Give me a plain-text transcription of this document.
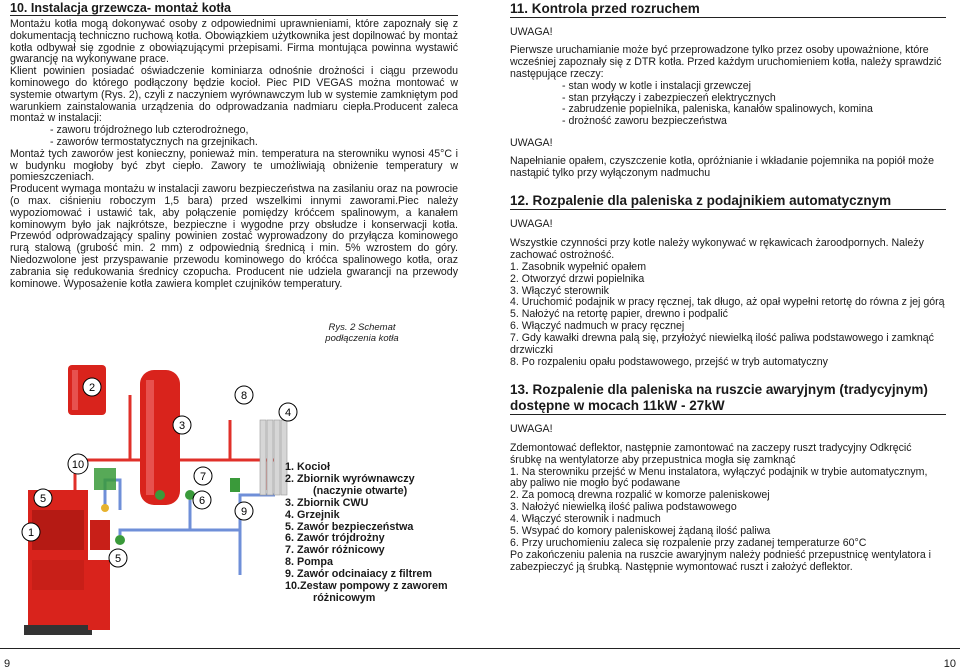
10. Instalacja grzewcza- montaż kotła

Montażu kotła mogą dokonywać osoby z odpowiednimi uprawnieniami, które zapoznały się z dokumentacją techniczno ruchową kotła. Obowiązkiem użytkownika jest dopilnować by montaż kotła odbywał się zgodnie z obowiązującymi przepisami. Firma montująca powinna wystawić gwarancję na wykonywane prace.

Klient powinien posiadać oświadczenie kominiarza odnośnie drożności i ciągu przewodu kominowego do którego podłączony będzie kocioł. Piec PID VEGAS można montować w systemie otwartym (Rys. 2), czyli z naczyniem wyrównawczym lub w systemie zamkniętym pod warunkiem zainstalowania urządzenia do odprowadzania nadmiaru ciepła.Producent zaleca montaż w instalacji:

- zaworu trójdrożnego lub czterodrożnego,

- zaworów termostatycznych na grzejnikach.

Montaż tych zaworów jest konieczny, ponieważ min. temperatura na sterowniku wynosi 45°C i w budynku mogłoby być zbyt ciepło. Zawory te umożliwiają obniżenie temperatury w pomieszczeniach.

Producent wymaga montażu w instalacji zaworu bezpieczeństwa na zasilaniu oraz na powrocie (o max. ciśnieniu roboczym 1,5 bara) przed wszelkimi innymi zaworami.Piec należy wypoziomować i ustawić tak, aby połączenie pomiędzy króćcem spalinowym, a kanałem kominowym było jak najkrótsze, bezpieczne i wygodne przy obsłudze i konserwacji kotła. Przewód odprowadzający spaliny powinien zostać wyprowadzony do przyłącza kominowego rurą stalową (grubość min. 2 mm) z odpowiednią średnicą i min. 5% wzrostem do góry. Niedozwolone jest przyspawanie przewodu kominowego do króćca spalinowego kotła, oraz zabrania się redukowania średnicy czopucha. Producent nie udziela gwarancji na przewody kominowe. Wyposażenie kotła zawiera komplet czujników temperatury.

Rys. 2 Schemat podłączenia kotła
1
2
3
4
5
5
6
7
8
9
10	1. Kocioł
2. Zbiornik wyrównawczy
(naczynie otwarte)
3. Zbiornik CWU
4. Grzejnik
5. Zawór bezpieczeństwa
6. Zawór trójdrożny
7. Zawór różnicowy
8. Pompa
9. Zawór odcinaiacy z filtrem
10.Zestaw pompowy z zaworem
różnicowym
11. Kontrola przed rozruchem

UWAGA!

Pierwsze uruchamianie może być przeprowadzone tylko przez osoby upoważnione, które wcześniej zapoznały się z DTR kotła. Przed każdym uruchomieniem kotła, należy sprawdzić następujące rzeczy:

- stan wody w kotle i instalacji grzewczej

- stan przyłączy i zabezpieczeń elektrycznych

- zabrudzenie popielnika, paleniska, kanałów spalinowych, komina

- drożność zaworu bezpieczeństwa

UWAGA!

Napełnianie opałem, czyszczenie kotła, opróżnianie i wkładanie pojemnika na popiół może nastąpić tylko przy wyłączonym nadmuchu

12. Rozpalenie dla paleniska z podajnikiem automatycznym

UWAGA!

Wszystkie czynności przy kotle należy wykonywać w rękawicach żaroodpornych. Należy zachować ostrożność.

1. Zasobnik wypełnić opałem

2. Otworzyć drzwi popielnika

3. Włączyć sterownik

4. Uruchomić podajnik w pracy ręcznej, tak długo, aż opał wypełni retortę do równa z jej górą

5. Nałożyć na retortę papier, drewno i podpalić

6. Włączyć nadmuch w pracy ręcznej

7. Gdy kawałki drewna palą się, przyłożyć niewielką ilość paliwa podstawowego i zamknąć drzwiczki

8. Po rozpaleniu opału podstawowego, przejść w tryb automatyczny

13. Rozpalenie dla paleniska na ruszcie awaryjnym (tradycyjnym) dostępne w mocach 11kW - 27kW

UWAGA!

Zdemontować deflektor, następnie zamontować na zaczepy ruszt tradycyjny Odkręcić śrubkę na wentylatorze aby przepustnica mogła się zamknąć

1. Na sterowniku przejść w Menu instalatora, wyłączyć podajnik w trybie automatycznym, aby paliwo nie mogło być podawane

2. Za pomocą drewna rozpalić w komorze paleniskowej

3. Nałożyć niewielką ilość paliwa podstawowego

4. Włączyć sterownik i nadmuch

5. Wsypać do komory paleniskowej żądaną ilość paliwa

6. Przy uruchomieniu zaleca się rozpalenie przy zadanej temperaturze 60°C

Po zakończeniu palenia na ruszcie awaryjnym należy podnieść przepustnicę wentylatora i zabezpieczyć ją śrubką. Następnie wymontować ruszt i założyć deflektor.

9	10
